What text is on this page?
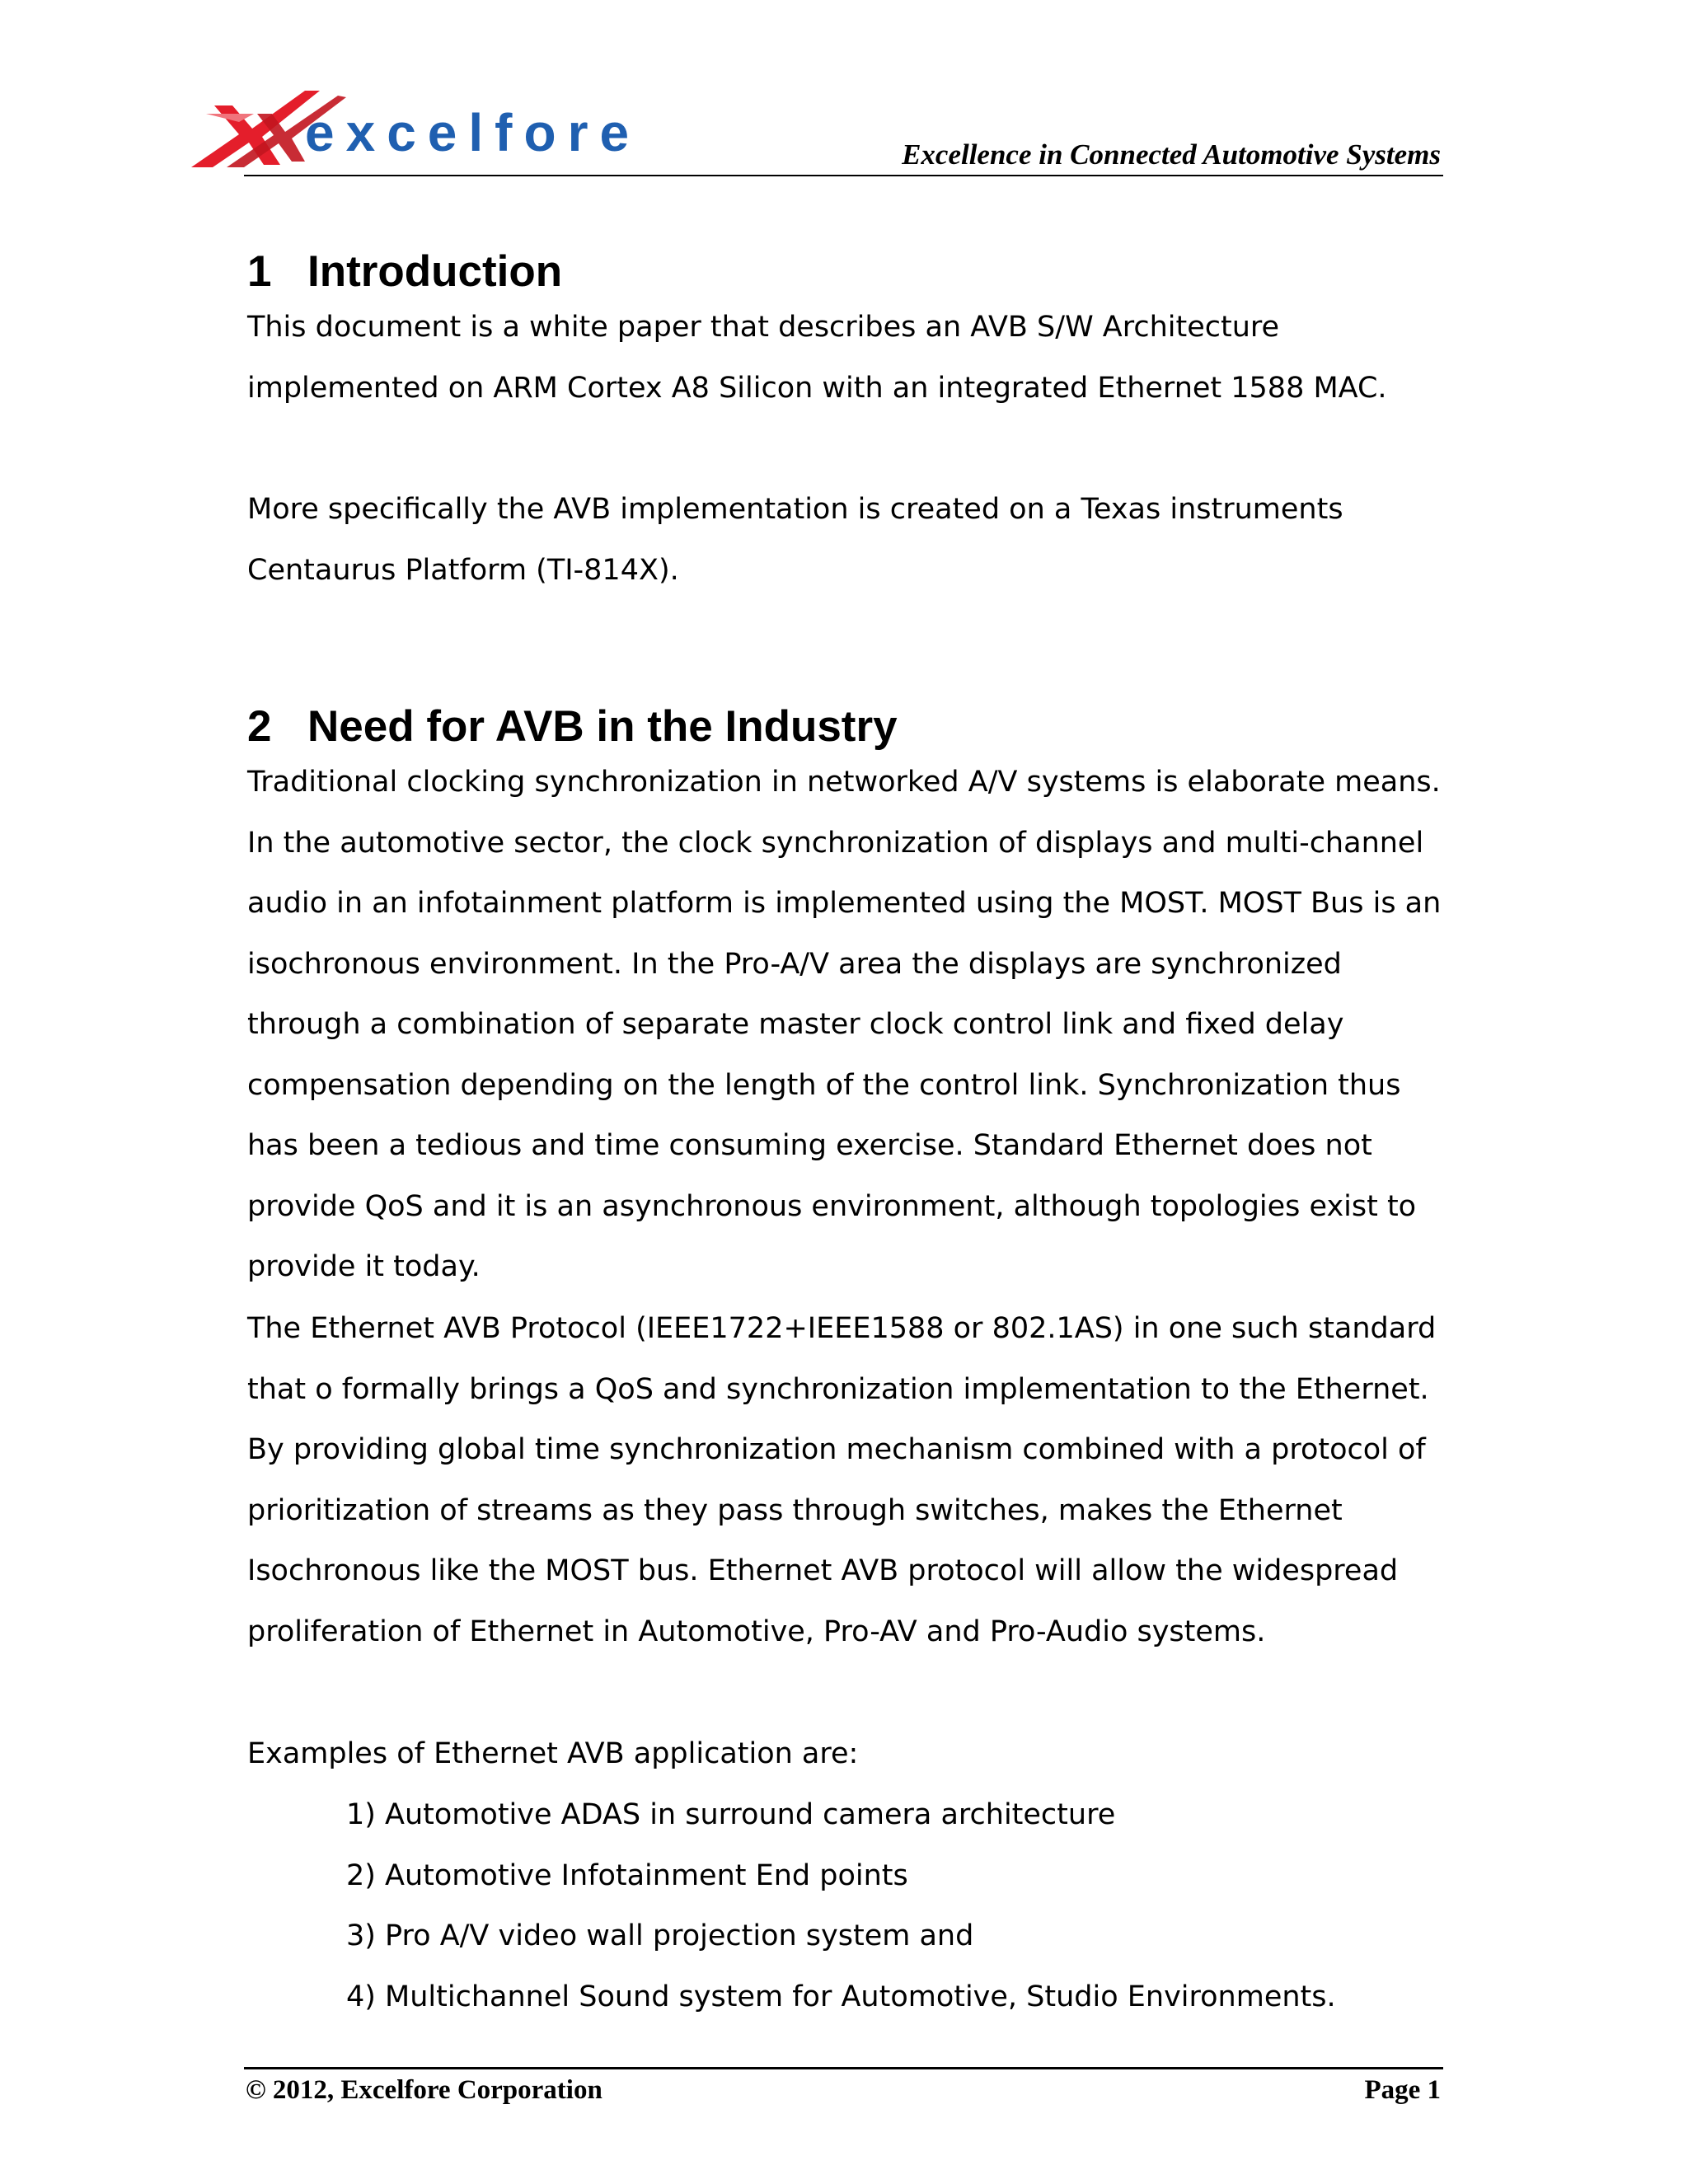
excelfore	Excellence in Connected Automotive Systems
1 Introduction
This document is a white paper that describes an AVB S/W Architecture implemented on ARM Cortex A8 Silicon with an integrated Ethernet 1588 MAC.
More specifically the AVB implementation is created on a Texas instruments Centaurus Platform (TI-814X).
2 Need for AVB in the Industry
Traditional clocking synchronization in networked A/V systems is elaborate means. In the automotive sector, the clock synchronization of displays and multi-channel audio in an infotainment platform is implemented using the MOST. MOST Bus is an isochronous environment. In the Pro-A/V area the displays are synchronized through a combination of separate master clock control link and fixed delay compensation depending on the length of the control link. Synchronization thus has been a tedious and time consuming exercise. Standard Ethernet does not provide QoS and it is an asynchronous environment, although topologies exist to provide it today.
The Ethernet AVB Protocol (IEEE1722+IEEE1588 or 802.1AS) in one such standard that o formally brings a QoS and synchronization implementation to the Ethernet. By providing global time synchronization mechanism combined with a protocol of prioritization of streams as they pass through switches, makes the Ethernet Isochronous like the MOST bus. Ethernet AVB protocol will allow the widespread proliferation of Ethernet in Automotive, Pro-AV and Pro-Audio systems.
Examples of Ethernet AVB application are:
1) Automotive ADAS in surround camera architecture
2) Automotive Infotainment End points
3) Pro A/V video wall projection system and
4) Multichannel Sound system for Automotive, Studio Environments.
© 2012, Excelfore Corporation	Page 1
